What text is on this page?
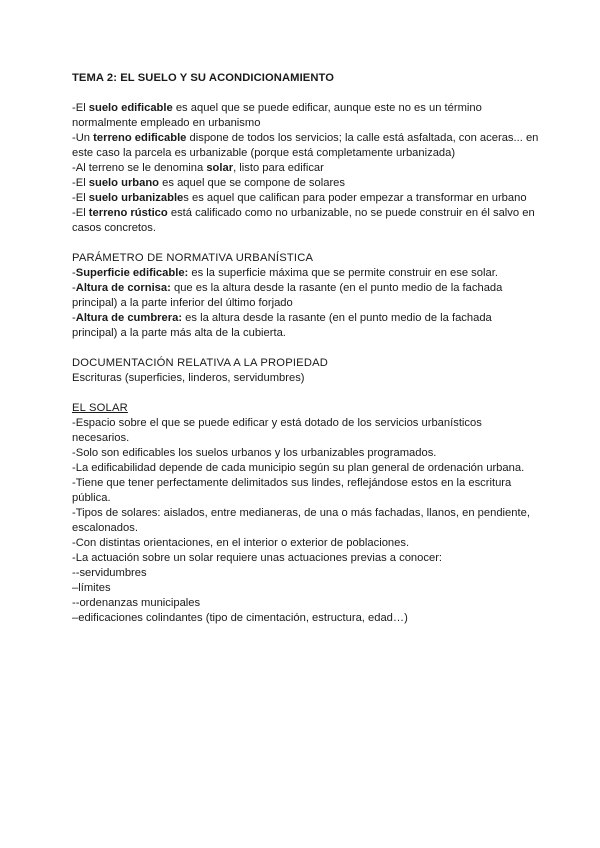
TEMA 2: EL SUELO Y SU ACONDICIONAMIENTO

-El suelo edificable es aquel que se puede edificar, aunque este no es un término normalmente empleado en urbanismo

-Un terreno edificable dispone de todos los servicios; la calle está asfaltada, con aceras... en este caso la parcela es urbanizable (porque está completamente urbanizada)

-Al terreno se le denomina solar, listo para edificar

-El suelo urbano es aquel que se compone de solares

-El suelo urbanizables es aquel que califican para poder empezar a transformar en urbano

-El terreno rústico está calificado como no urbanizable, no se puede construir en él salvo en casos concretos.

PARÁMETRO DE NORMATIVA URBANÍSTICA

-Superficie edificable: es la superficie máxima que se permite construir en ese solar.

-Altura de cornisa: que es la altura desde la rasante (en el punto medio de la fachada principal) a la parte inferior del último forjado

-Altura de cumbrera: es la altura desde la rasante (en el punto medio de la fachada principal) a la parte más alta de la cubierta.

DOCUMENTACIÓN RELATIVA A LA PROPIEDAD

Escrituras (superficies, linderos, servidumbres)

EL SOLAR

-Espacio sobre el que se puede edificar y está dotado de los servicios urbanísticos necesarios.

-Solo son edificables los suelos urbanos y los urbanizables programados.

-La edificabilidad depende de cada municipio según su plan general de ordenación urbana.

-Tiene que tener perfectamente delimitados sus lindes, reflejándose estos en la escritura pública.

-Tipos de solares: aislados, entre medianeras, de una o más fachadas, llanos, en pendiente, escalonados.

-Con distintas orientaciones, en el interior o exterior de poblaciones.

-La actuación sobre un solar requiere unas actuaciones previas a conocer:

--servidumbres

–límites

--ordenanzas municipales

–edificaciones colindantes (tipo de cimentación, estructura, edad…)
